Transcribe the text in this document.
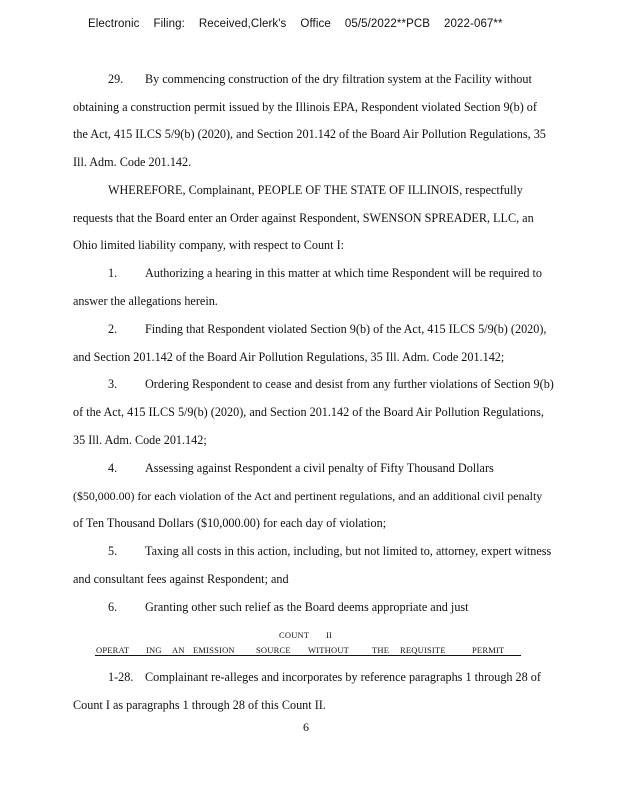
Electronic Filing: Received,Clerk's Office 05/5/2022**PCB 2022-067**
29. By commencing construction of the dry filtration system at the Facility without
obtaining a construction permit issued by the Illinois EPA, Respondent violated Section 9(b) of
the Act, 415 ILCS 5/9(b) (2020), and Section 201.142 of the Board Air Pollution Regulations, 35
Ill. Adm. Code 201.142.
WHEREFORE, Complainant, PEOPLE OF THE STATE OF ILLINOIS, respectfully
requests that the Board enter an Order against Respondent, SWENSON SPREADER, LLC, an
Ohio limited liability company, with respect to Count I:
1. Authorizing a hearing in this matter at which time Respondent will be required to
answer the allegations herein.
2. Finding that Respondent violated Section 9(b) of the Act, 415 ILCS 5/9(b) (2020),
and Section 201.142 of the Board Air Pollution Regulations, 35 Ill. Adm. Code 201.142;
3. Ordering Respondent to cease and desist from any further violations of Section 9(b)
of the Act, 415 ILCS 5/9(b) (2020), and Section 201.142 of the Board Air Pollution Regulations,
35 Ill. Adm. Code 201.142;
4. Assessing against Respondent a civil penalty of Fifty Thousand Dollars
($50,000.00) for each violation of the Act and pertinent regulations, and an additional civil penalty
of Ten Thousand Dollars ($10,000.00) for each day of violation;
5. Taxing all costs in this action, including, but not limited to, attorney, expert witness
and consultant fees against Respondent; and
6. Granting other such relief as the Board deems appropriate and just
COUNT II
OPERAT ING AN EMISSION	SOURCE WITHOUT	THE REQUISITE	PERMIT
1-28. Complainant re-alleges and incorporates by reference paragraphs 1 through 28 of
Count I as paragraphs 1 through 28 of this Count II.
6
